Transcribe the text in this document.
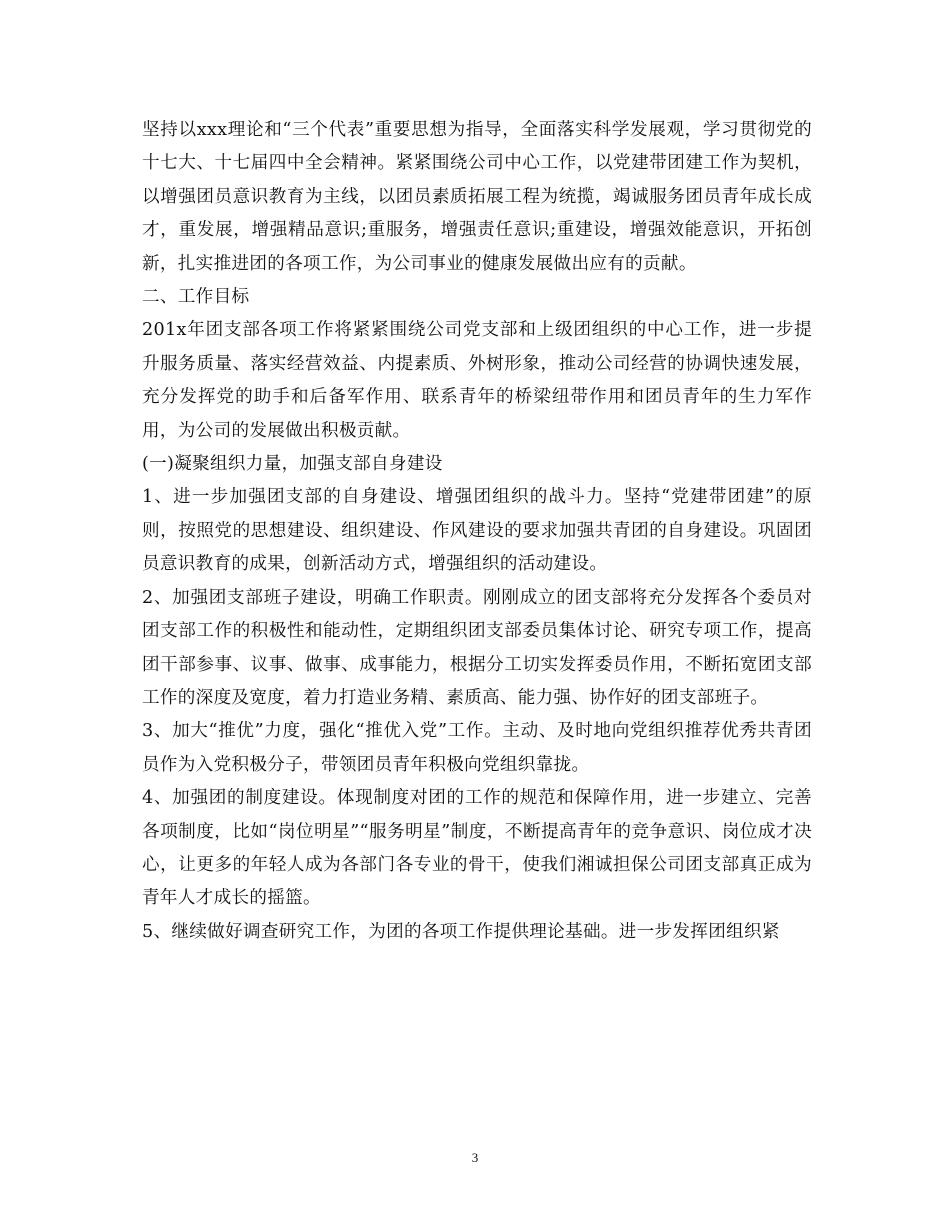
坚持以xxx理论和“三个代表”重要思想为指导，全面落实科学发展观，学习贯彻党的十七大、十七届四中全会精神。紧紧围绕公司中心工作，以党建带团建工作为契机，以增强团员意识教育为主线，以团员素质拓展工程为统揽，竭诚服务团员青年成长成才，重发展，增强精品意识;重服务，增强责任意识;重建设，增强效能意识，开拓创新，扎实推进团的各项工作，为公司事业的健康发展做出应有的贡献。

二、工作目标

201x年团支部各项工作将紧紧围绕公司党支部和上级团组织的中心工作，进一步提升服务质量、落实经营效益、内提素质、外树形象，推动公司经营的协调快速发展，充分发挥党的助手和后备军作用、联系青年的桥梁纽带作用和团员青年的生力军作用，为公司的发展做出积极贡献。

(一)凝聚组织力量，加强支部自身建设

1、进一步加强团支部的自身建设、增强团组织的战斗力。坚持“党建带团建”的原则，按照党的思想建设、组织建设、作风建设的要求加强共青团的自身建设。巩固团员意识教育的成果，创新活动方式，增强组织的活动建设。

2、加强团支部班子建设，明确工作职责。刚刚成立的团支部将充分发挥各个委员对团支部工作的积极性和能动性，定期组织团支部委员集体讨论、研究专项工作，提高团干部参事、议事、做事、成事能力，根据分工切实发挥委员作用，不断拓宽团支部工作的深度及宽度，着力打造业务精、素质高、能力强、协作好的团支部班子。

3、加大“推优”力度，强化“推优入党”工作。主动、及时地向党组织推荐优秀共青团员作为入党积极分子，带领团员青年积极向党组织靠拢。

4、加强团的制度建设。体现制度对团的工作的规范和保障作用，进一步建立、完善各项制度，比如“岗位明星”“服务明星”制度，不断提高青年的竞争意识、岗位成才决心，让更多的年轻人成为各部门各专业的骨干，使我们湘诚担保公司团支部真正成为青年人才成长的摇篮。

5、继续做好调查研究工作，为团的各项工作提供理论基础。进一步发挥团组织紧

3
